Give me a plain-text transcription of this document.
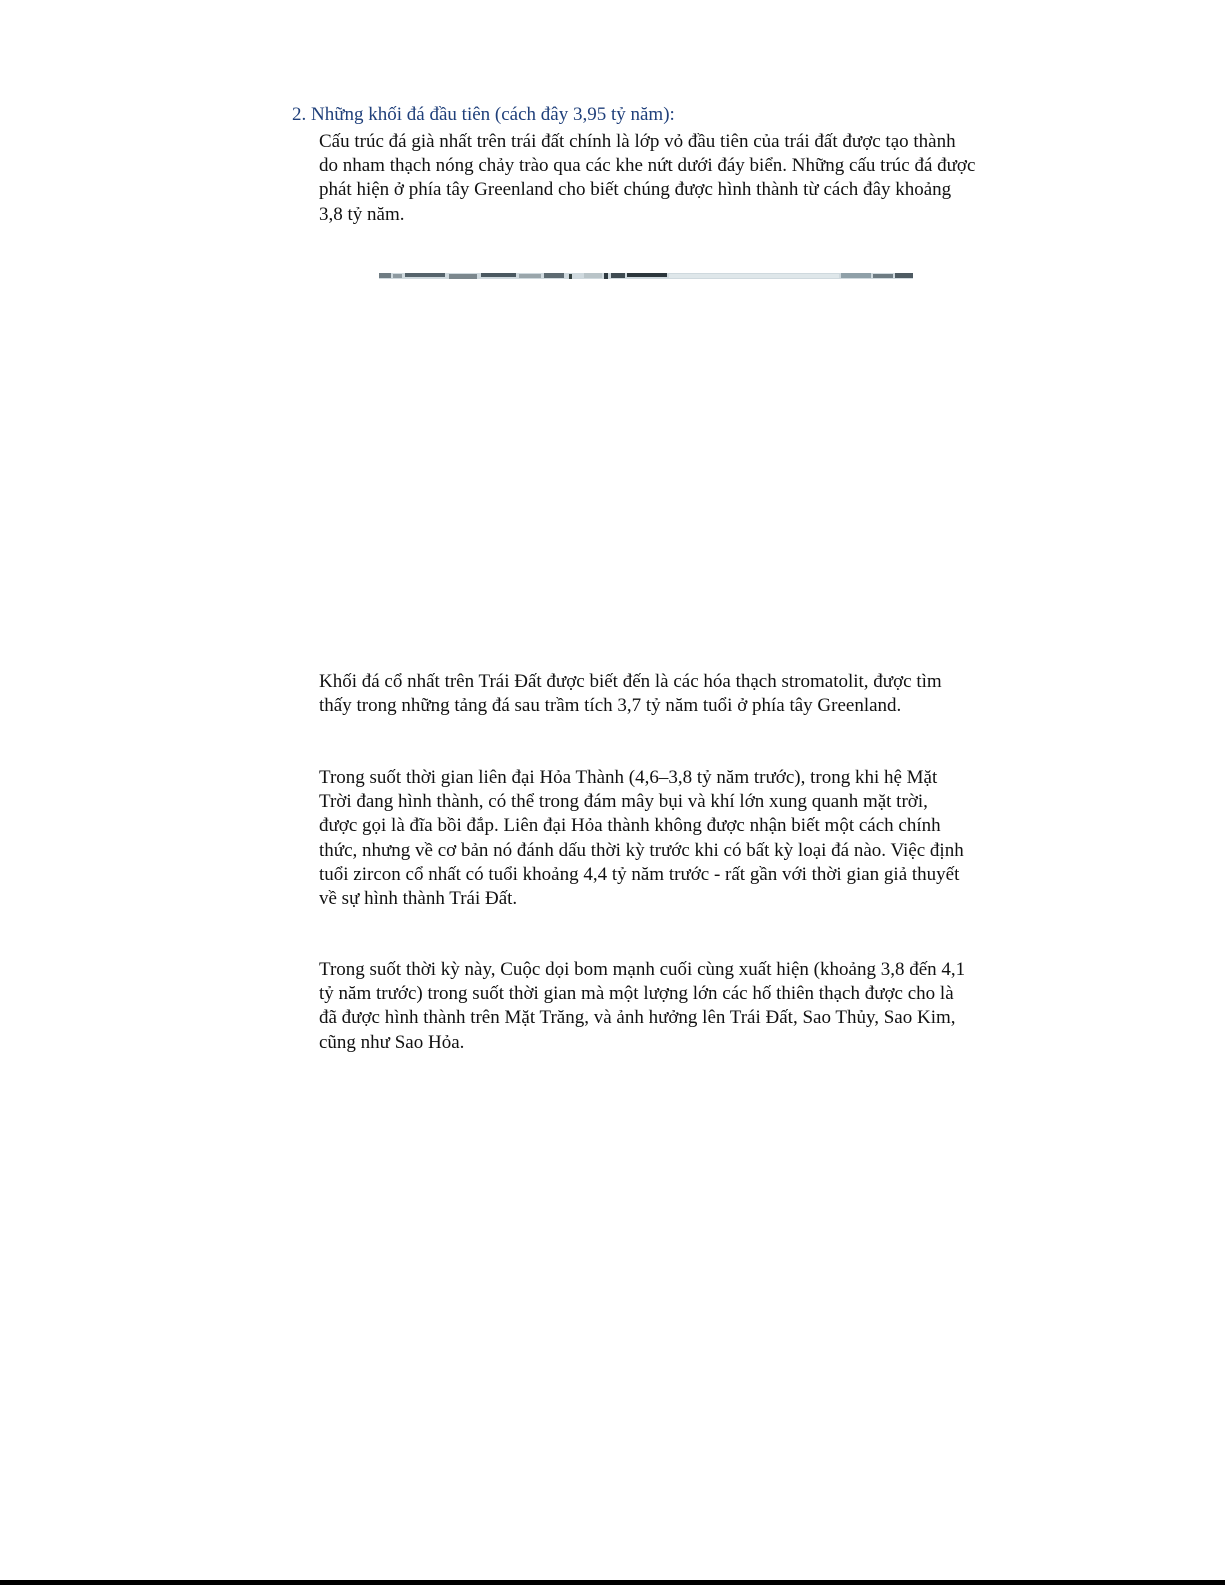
2. Những khối đá đầu tiên (cách đây 3,95 tỷ năm):

Cấu trúc đá già nhất trên trái đất chính là lớp vỏ đầu tiên của trái đất được tạo thành do nham thạch nóng chảy trào qua các khe nứt dưới đáy biển. Những cấu trúc đá được phát hiện ở phía tây Greenland cho biết chúng được hình thành từ cách đây khoảng 3,8 tỷ năm.

Khối đá cổ nhất trên Trái Đất được biết đến là các hóa thạch stromatolit, được tìm thấy trong những tảng đá sau trầm tích 3,7 tỷ năm tuổi ở phía tây Greenland.

Trong suốt thời gian liên đại Hỏa Thành (4,6–3,8 tỷ năm trước), trong khi hệ Mặt Trời đang hình thành, có thể trong đám mây bụi và khí lớn xung quanh mặt trời, được gọi là đĩa bồi đắp. Liên đại Hỏa thành không được nhận biết một cách chính thức, nhưng về cơ bản nó đánh dấu thời kỳ trước khi có bất kỳ loại đá nào. Việc định tuổi zircon cổ nhất có tuổi khoảng 4,4 tỷ năm trước - rất gần với thời gian giả thuyết về sự hình thành Trái Đất.

Trong suốt thời kỳ này, Cuộc dọi bom mạnh cuối cùng xuất hiện (khoảng 3,8 đến 4,1 tỷ năm trước) trong suốt thời gian mà một lượng lớn các hố thiên thạch được cho là đã được hình thành trên Mặt Trăng, và ảnh hưởng lên Trái Đất, Sao Thủy, Sao Kim, cũng như Sao Hỏa.
